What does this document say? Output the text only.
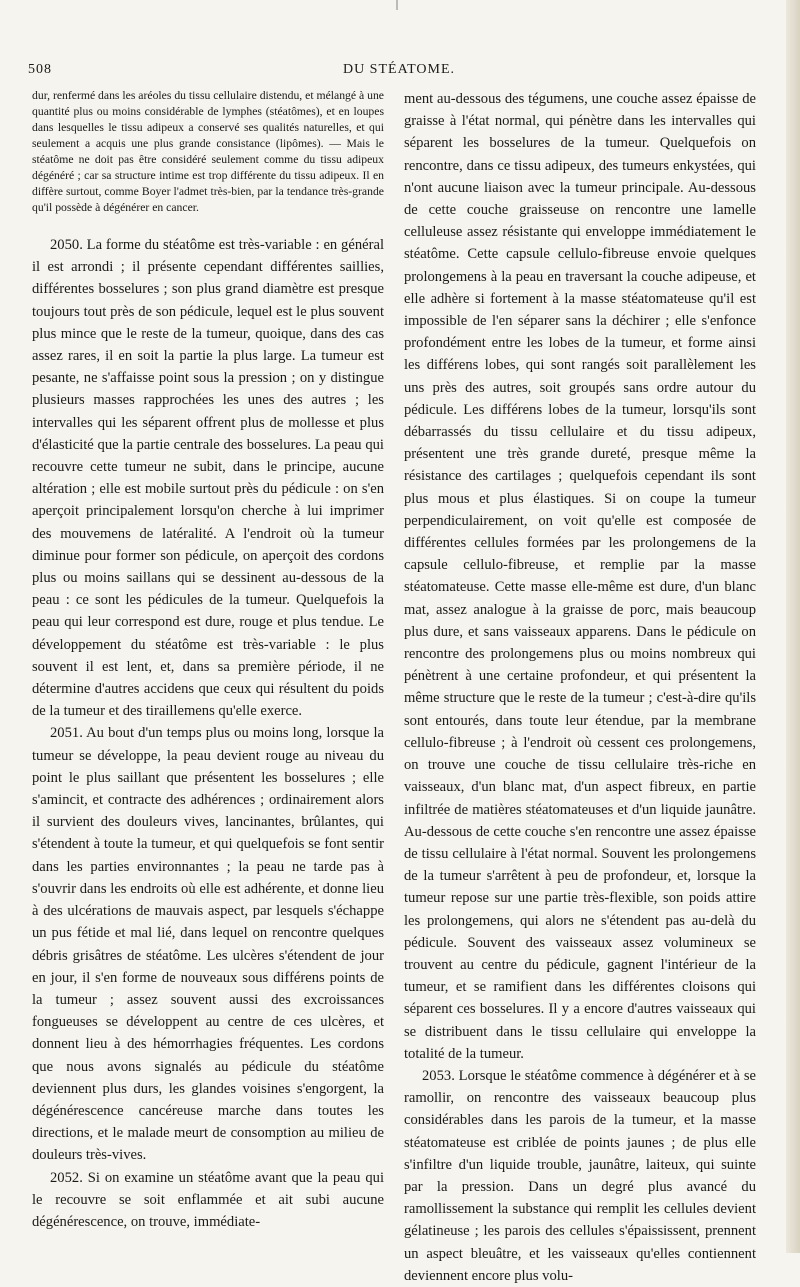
508	DU STÉATOME.

dur, renfermé dans les aréoles du tissu cellulaire distendu, et mélangé à une quantité plus ou moins considérable de lymphes (stéatômes), et en loupes dans lesquelles le tissu adipeux a conservé ses qualités naturelles, et qui seulement a acquis une plus grande consistance (lipômes). — Mais le stéatôme ne doit pas être considéré seulement comme du tissu adipeux dégénéré ; car sa structure intime est trop différente du tissu adipeux. Il en diffère surtout, comme Boyer l'admet très-bien, par la tendance très-grande qu'il possède à dégénérer en cancer.

2050. La forme du stéatôme est très-variable : en général il est arrondi ; il présente cependant différentes saillies, différentes bosselures ; son plus grand diamètre est presque toujours tout près de son pédicule, lequel est le plus souvent plus mince que le reste de la tumeur, quoique, dans des cas assez rares, il en soit la partie la plus large. La tumeur est pesante, ne s'affaisse point sous la pression ; on y distingue plusieurs masses rapprochées les unes des autres ; les intervalles qui les séparent offrent plus de mollesse et plus d'élasticité que la partie centrale des bosselures. La peau qui recouvre cette tumeur ne subit, dans le principe, aucune altération ; elle est mobile surtout près du pédicule : on s'en aperçoit principalement lorsqu'on cherche à lui imprimer des mouvemens de latéralité. A l'endroit où la tumeur diminue pour former son pédicule, on aperçoit des cordons plus ou moins saillans qui se dessinent au-dessous de la peau : ce sont les pédicules de la tumeur. Quelquefois la peau qui leur correspond est dure, rouge et plus tendue. Le développement du stéatôme est très-variable : le plus souvent il est lent, et, dans sa première période, il ne détermine d'autres accidens que ceux qui résultent du poids de la tumeur et des tiraillemens qu'elle exerce.

2051. Au bout d'un temps plus ou moins long, lorsque la tumeur se développe, la peau devient rouge au niveau du point le plus saillant que présentent les bosselures ; elle s'amincit, et contracte des adhérences ; ordinairement alors il survient des douleurs vives, lancinantes, brûlantes, qui s'étendent à toute la tumeur, et qui quelquefois se font sentir dans les parties environnantes ; la peau ne tarde pas à s'ouvrir dans les endroits où elle est adhérente, et donne lieu à des ulcérations de mauvais aspect, par lesquels s'échappe un pus fétide et mal lié, dans lequel on rencontre quelques débris grisâtres de stéatôme. Les ulcères s'étendent de jour en jour, il s'en forme de nouveaux sous différens points de la tumeur ; assez souvent aussi des excroissances fongueuses se développent au centre de ces ulcères, et donnent lieu à des hémorrhagies fréquentes. Les cordons que nous avons signalés au pédicule du stéatôme deviennent plus durs, les glandes voisines s'engorgent, la dégénérescence cancéreuse marche dans toutes les directions, et le malade meurt de consomption au milieu de douleurs très-vives.

2052. Si on examine un stéatôme avant que la peau qui le recouvre se soit enflammée et ait subi aucune dégénérescence, on trouve, immédiate-

ment au-dessous des tégumens, une couche assez épaisse de graisse à l'état normal, qui pénètre dans les intervalles qui séparent les bosselures de la tumeur. Quelquefois on rencontre, dans ce tissu adipeux, des tumeurs enkystées, qui n'ont aucune liaison avec la tumeur principale. Au-dessous de cette couche graisseuse on rencontre une lamelle celluleuse assez résistante qui enveloppe immédiatement le stéatôme. Cette capsule cellulo-fibreuse envoie quelques prolongemens à la peau en traversant la couche adipeuse, et elle adhère si fortement à la masse stéatomateuse qu'il est impossible de l'en séparer sans la déchirer ; elle s'enfonce profondément entre les lobes de la tumeur, et forme ainsi les différens lobes, qui sont rangés soit parallèlement les uns près des autres, soit groupés sans ordre autour du pédicule. Les différens lobes de la tumeur, lorsqu'ils sont débarrassés du tissu cellulaire et du tissu adipeux, présentent une très grande dureté, presque même la résistance des cartilages ; quelquefois cependant ils sont plus mous et plus élastiques. Si on coupe la tumeur perpendiculairement, on voit qu'elle est composée de différentes cellules formées par les prolongemens de la capsule cellulo-fibreuse, et remplie par la masse stéatomateuse. Cette masse elle-même est dure, d'un blanc mat, assez analogue à la graisse de porc, mais beaucoup plus dure, et sans vaisseaux apparens. Dans le pédicule on rencontre des prolongemens plus ou moins nombreux qui pénètrent à une certaine profondeur, et qui présentent la même structure que le reste de la tumeur ; c'est-à-dire qu'ils sont entourés, dans toute leur étendue, par la membrane cellulo-fibreuse ; à l'endroit où cessent ces prolongemens, on trouve une couche de tissu cellulaire très-riche en vaisseaux, d'un blanc mat, d'un aspect fibreux, en partie infiltrée de matières stéatomateuses et d'un liquide jaunâtre. Au-dessous de cette couche s'en rencontre une assez épaisse de tissu cellulaire à l'état normal. Souvent les prolongemens de la tumeur s'arrêtent à peu de profondeur, et, lorsque la tumeur repose sur une partie très-flexible, son poids attire les prolongemens, qui alors ne s'étendent pas au-delà du pédicule. Souvent des vaisseaux assez volumineux se trouvent au centre du pédicule, gagnent l'intérieur de la tumeur, et se ramifient dans les différentes cloisons qui séparent ces bosselures. Il y a encore d'autres vaisseaux qui se distribuent dans le tissu cellulaire qui enveloppe la totalité de la tumeur.

2053. Lorsque le stéatôme commence à dégénérer et à se ramollir, on rencontre des vaisseaux beaucoup plus considérables dans les parois de la tumeur, et la masse stéatomateuse est criblée de points jaunes ; de plus elle s'infiltre d'un liquide trouble, jaunâtre, laiteux, qui suinte par la pression. Dans un degré plus avancé du ramollissement la substance qui remplit les cellules devient gélatineuse ; les parois des cellules s'épaississent, prennent un aspect bleuâtre, et les vaisseaux qu'elles contiennent deviennent encore plus volu-
